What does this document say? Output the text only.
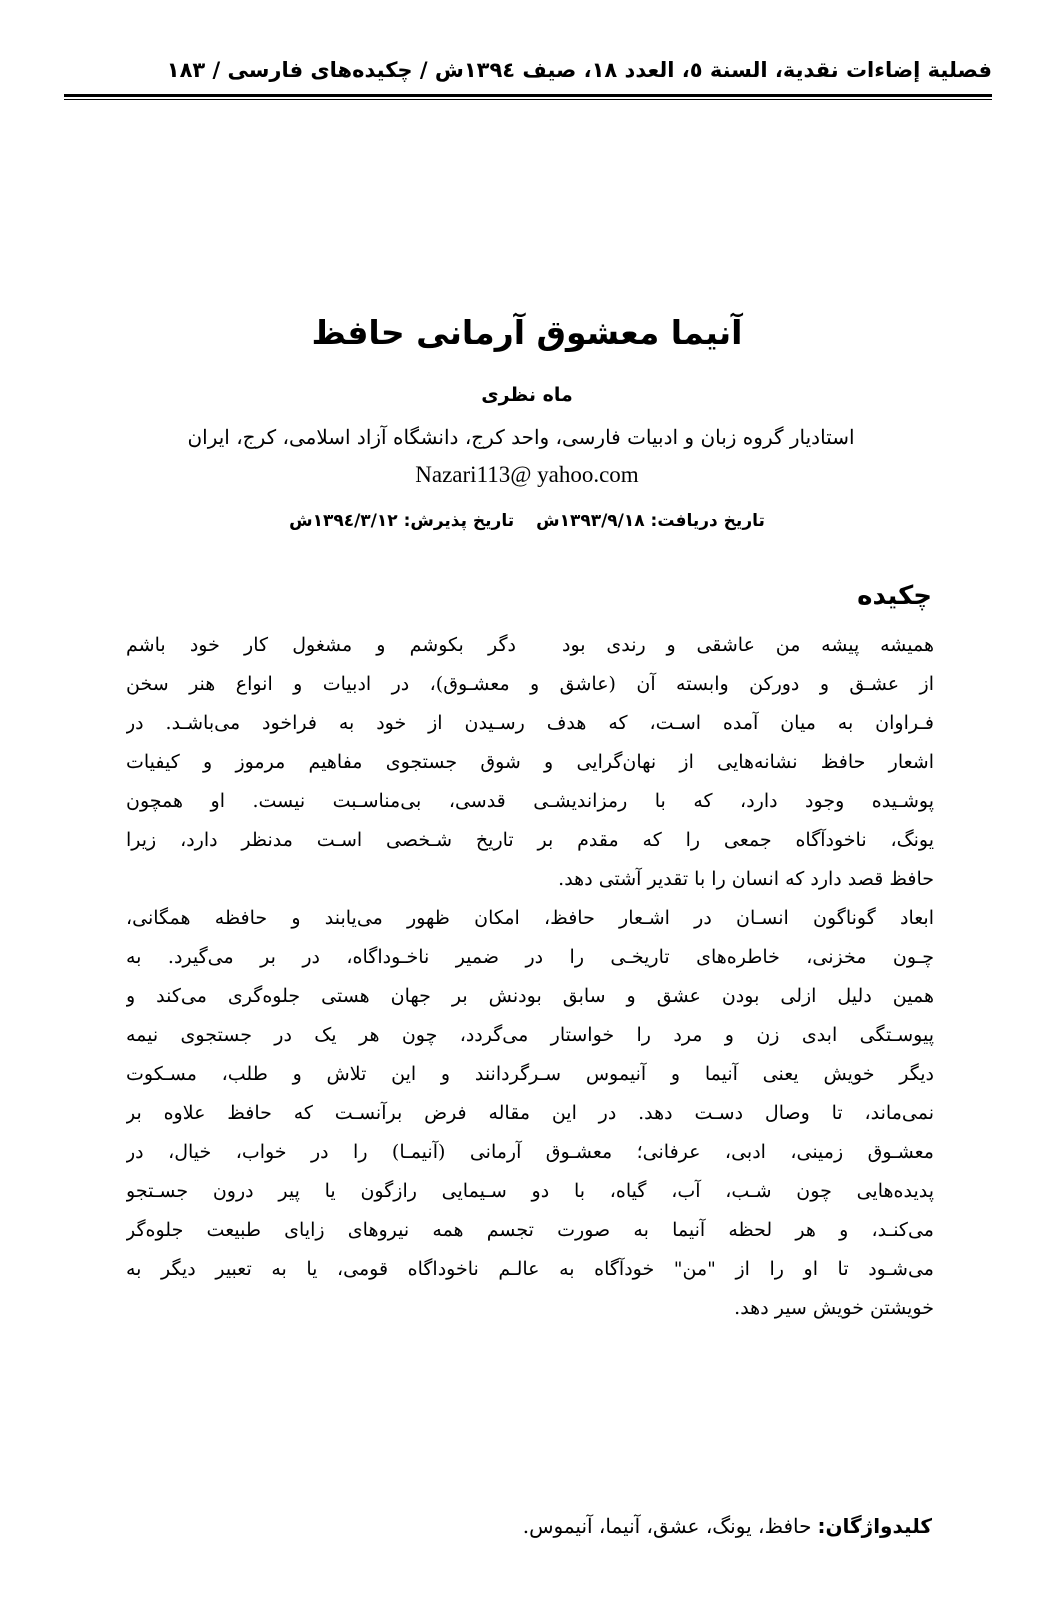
فصلية إضاءات نقدية، السنة ٥، العدد ١٨، صيف ١٣٩٤ش / چکیده‌های فارسی / ١٨٣
آنیما معشوق آرمانی حافظ
ماه نظری
استادیار گروه زبان و ادبیات فارسی، واحد کرج، دانشگاه آزاد اسلامی، کرج، ایران
Nazari113@ yahoo.com
تاریخ دریافت: ١٣٩٣/٩/١٨شتاریخ پذیرش: ١٣٩٤/٣/١٢ش
چکیده
همیشه پیشه من عاشقی و رندی بود
دگر بکوشم و مشغول کار خود باشم
از عشـق و دورکن وابسته آن (عاشق و معشـوق)، در ادبیات و انواع هنر سخن
فـراوان به میان آمده اسـت، که هدف رسـیدن از خود به فراخود می‌باشـد. در
اشعار حافظ نشانه‌هایی از نهان‌گرایی و شوق جستجوی مفاهیم مرموز و کیفیات
پوشـیده وجود دارد، که با رمزاندیشـی قدسی، بی‌مناسـبت نیست. او همچون
یونگ، ناخودآگاه جمعی را که مقدم بر تاریخ شـخصی اسـت مدنظر دارد، زیرا
حافظ قصد دارد که انسان را با تقدیر آشتی دهد.
ابعاد گوناگون انسـان در اشـعار حافظ، امکان ظهور می‌یابند و حافظه همگانی،
چـون مخزنی، خاطره‌های تاریخـی را در ضمیر ناخـوداگاه، در بر می‌گیرد. به
همین دلیل ازلی بودن عشق و سابق بودنش بر جهان هستی جلوه‌گری می‌کند و
پیوسـتگی ابدی زن و مرد را خواستار می‌گردد، چون هر یک در جستجوی نیمه
دیگر خویش یعنی آنیما و آنیموس سـرگردانند و این تلاش و طلب، مسـکوت
نمی‌ماند، تا وصال دسـت دهد. در این مقاله فرض برآنسـت که حافظ علاوه بر
معشـوق زمینی، ادبی، عرفانی؛ معشـوق آرمانی (آنیمـا) را در خواب، خیال، در
پدیده‌هایی چون شـب، آب، گیاه، با دو سـیمایی رازگون یا پیر درون جسـتجو
می‌کنـد، و هر لحظه آنیما به صورت تجسم همه نیروهای زایای طبیعت جلوه‌گر
می‌شـود تا او را از "من" خودآگاه به عالـم ناخوداگاه قومی، یا به تعبیر دیگر به
خویشتن خویش سیر دهد.
کلیدواژگان:حافظ، یونگ، عشق، آنیما، آنیموس.
